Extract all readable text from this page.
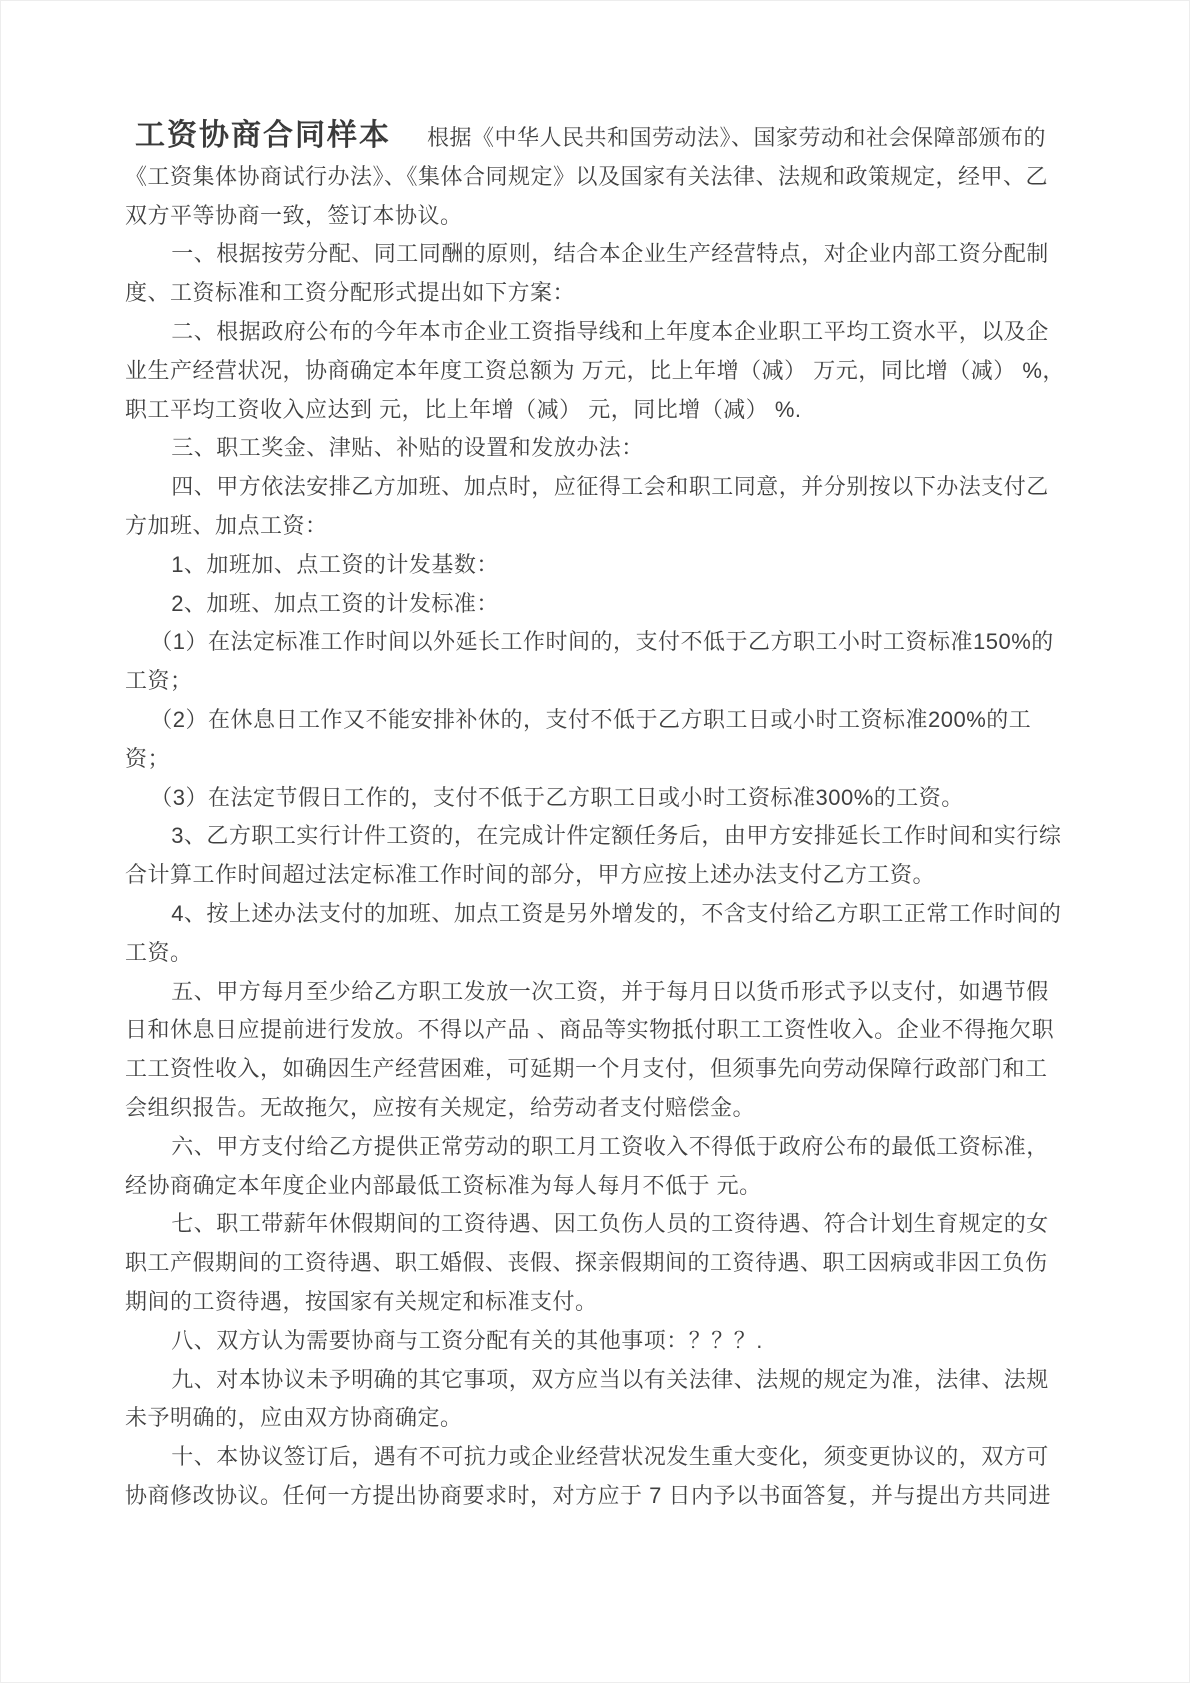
工资协商合同样本 根据《中华人民共和国劳动法》、国家劳动和社会保障部颁布的《工资集体协商试行办法》、《集体合同规定》以及国家有关法律、法规和政策规定，经甲、乙双方平等协商一致，签订本协议。

一、根据按劳分配、同工同酬的原则，结合本企业生产经营特点，对企业内部工资分配制度、工资标准和工资分配形式提出如下方案：

二、根据政府公布的今年本市企业工资指导线和上年度本企业职工平均工资水平，以及企业生产经营状况，协商确定本年度工资总额为 万元，比上年增（减） 万元，同比增（减） %，职工平均工资收入应达到 元，比上年增（减） 元，同比增（减） %.

三、职工奖金、津贴、补贴的设置和发放办法：

四、甲方依法安排乙方加班、加点时，应征得工会和职工同意，并分别按以下办法支付乙方加班、加点工资：

1、加班加、点工资的计发基数：

2、加班、加点工资的计发标准：

（1）在法定标准工作时间以外延长工作时间的，支付不低于乙方职工小时工资标准150%的工资；

（2）在休息日工作又不能安排补休的，支付不低于乙方职工日或小时工资标准200%的工资；

（3）在法定节假日工作的，支付不低于乙方职工日或小时工资标准300%的工资。

3、乙方职工实行计件工资的，在完成计件定额任务后，由甲方安排延长工作时间和实行综合计算工作时间超过法定标准工作时间的部分，甲方应按上述办法支付乙方工资。

4、按上述办法支付的加班、加点工资是另外增发的，不含支付给乙方职工正常工作时间的工资。

五、甲方每月至少给乙方职工发放一次工资，并于每月日以货币形式予以支付，如遇节假日和休息日应提前进行发放。不得以产品 、商品等实物抵付职工工资性收入。企业不得拖欠职工工资性收入，如确因生产经营困难，可延期一个月支付，但须事先向劳动保障行政部门和工会组织报告。无故拖欠，应按有关规定，给劳动者支付赔偿金。

六、甲方支付给乙方提供正常劳动的职工月工资收入不得低于政府公布的最低工资标准，经协商确定本年度企业内部最低工资标准为每人每月不低于 元。

七、职工带薪年休假期间的工资待遇、因工负伤人员的工资待遇、符合计划生育规定的女职工产假期间的工资待遇、职工婚假、丧假、探亲假期间的工资待遇、职工因病或非因工负伤期间的工资待遇，按国家有关规定和标准支付。

八、双方认为需要协商与工资分配有关的其他事项：？？？.

九、对本协议未予明确的其它事项，双方应当以有关法律、法规的规定为准，法律、法规未予明确的，应由双方协商确定。

十、本协议签订后，遇有不可抗力或企业经营状况发生重大变化，须变更协议的，双方可协商修改协议。任何一方提出协商要求时，对方应于 7 日内予以书面答复，并与提出方共同进
